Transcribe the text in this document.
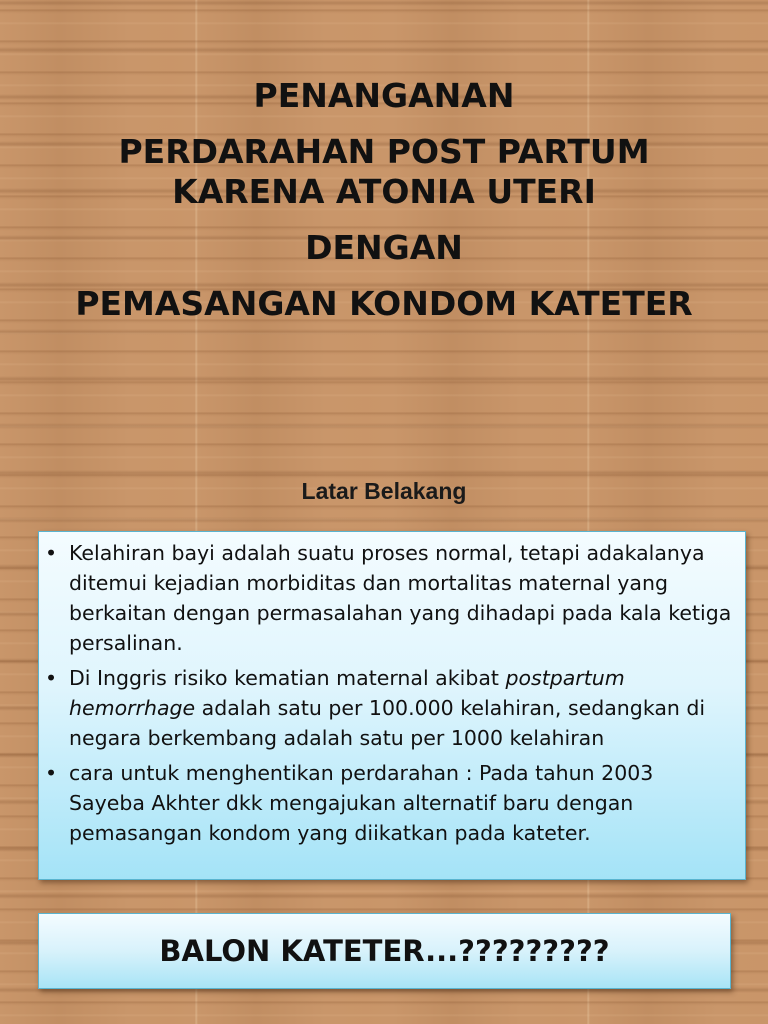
PENANGANAN
PERDARAHAN POST PARTUM
KARENA ATONIA UTERI
DENGAN
PEMASANGAN KONDOM KATETER
Latar Belakang
• Kelahiran bayi adalah suatu proses normal, tetapi adakalanya ditemui kejadian morbiditas dan mortalitas maternal yang berkaitan dengan permasalahan yang dihadapi pada kala ketiga persalinan.
• Di Inggris risiko kematian maternal akibat postpartum hemorrhage adalah satu per 100.000 kelahiran, sedangkan di negara berkembang adalah satu per 1000 kelahiran
• cara untuk menghentikan perdarahan : Pada tahun 2003 Sayeba Akhter dkk mengajukan alternatif baru dengan pemasangan kondom yang diikatkan pada kateter.
BALON KATETER...?????????
